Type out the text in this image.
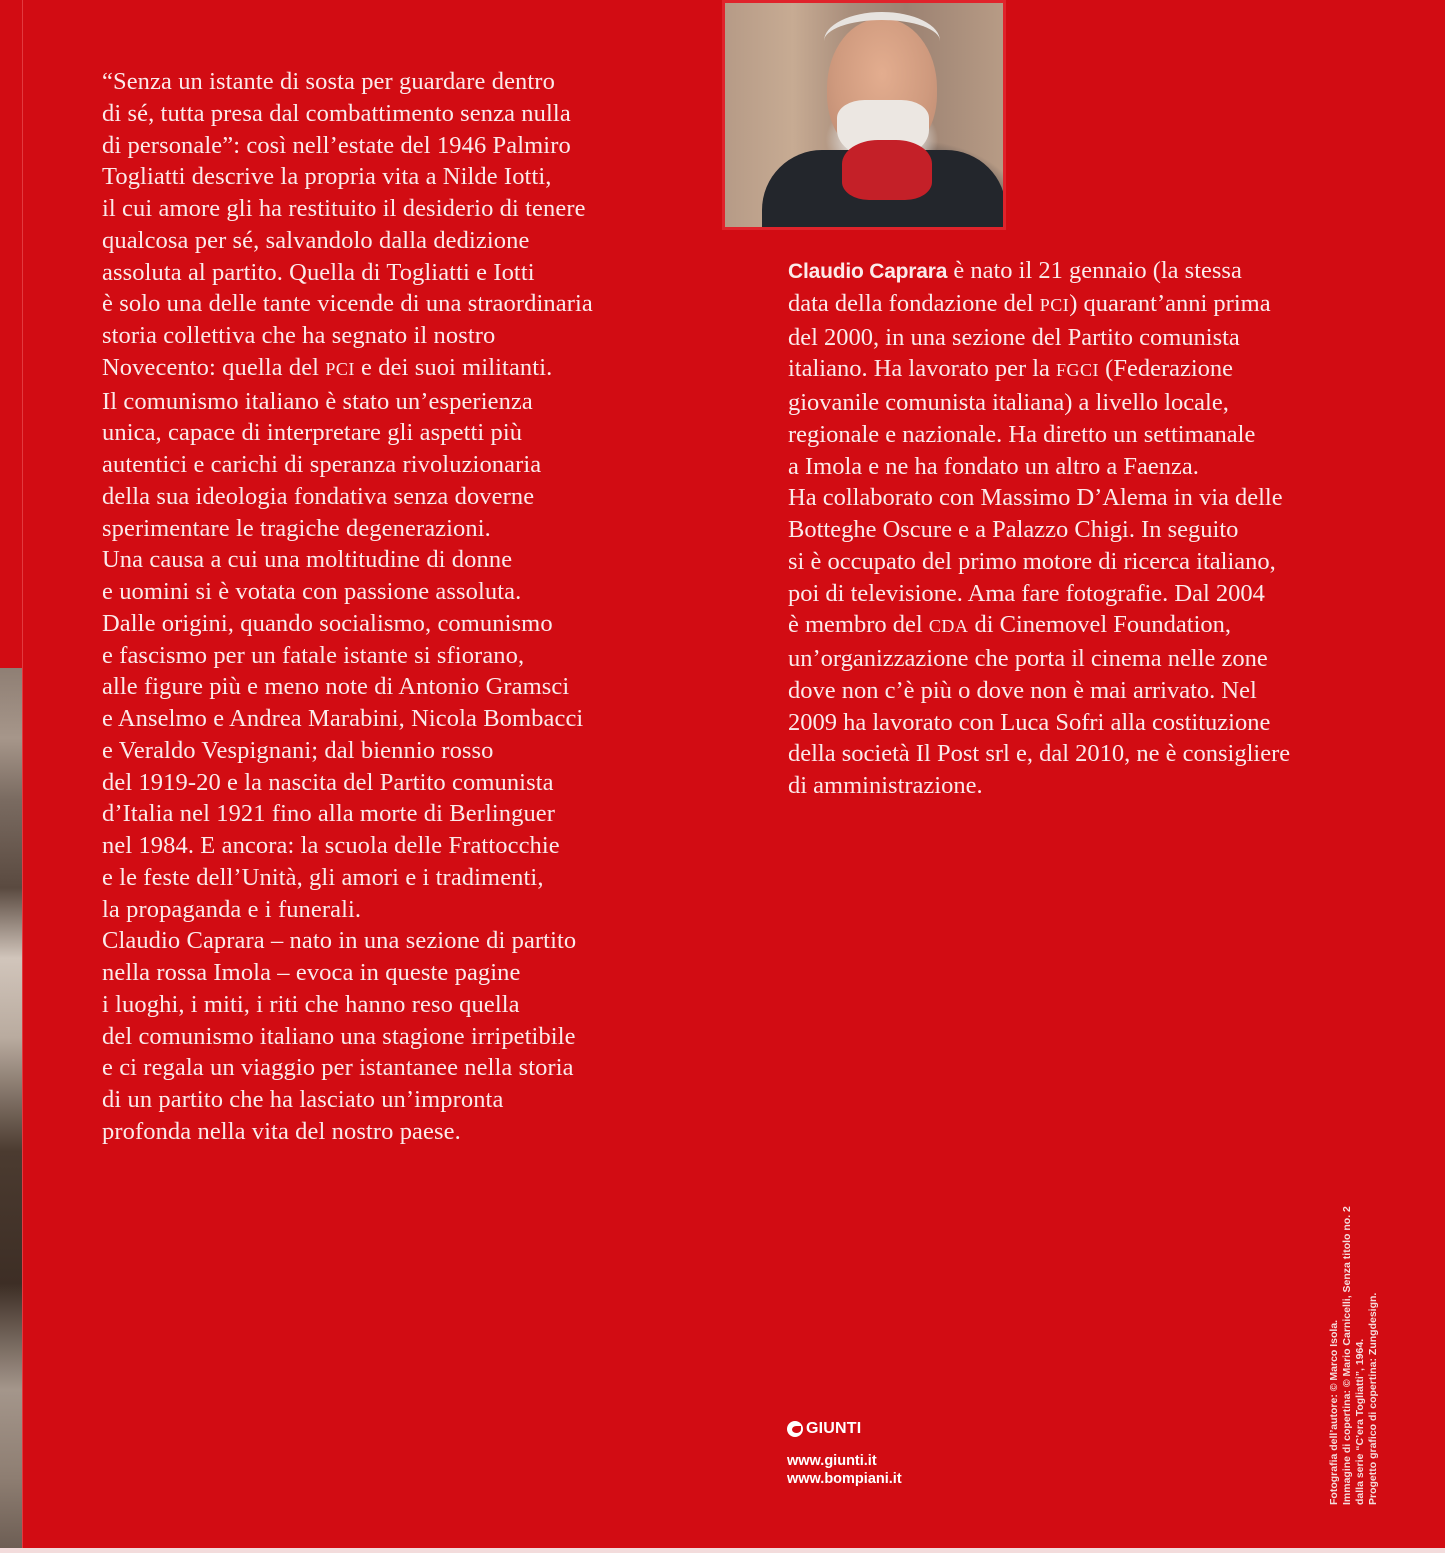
“Senza un istante di sosta per guardare dentro
di sé, tutta presa dal combattimento senza nulla
di personale”: così nell’estate del 1946 Palmiro
Togliatti descrive la propria vita a Nilde Iotti,
il cui amore gli ha restituito il desiderio di tenere
qualcosa per sé, salvandolo dalla dedizione
assoluta al partito. Quella di Togliatti e Iotti
è solo una delle tante vicende di una straordinaria
storia collettiva che ha segnato il nostro
Novecento: quella del PCI e dei suoi militanti.
Il comunismo italiano è stato un’esperienza
unica, capace di interpretare gli aspetti più
autentici e carichi di speranza rivoluzionaria
della sua ideologia fondativa senza doverne
sperimentare le tragiche degenerazioni.
Una causa a cui una moltitudine di donne
e uomini si è votata con passione assoluta.
Dalle origini, quando socialismo, comunismo
e fascismo per un fatale istante si sfiorano,
alle figure più e meno note di Antonio Gramsci
e Anselmo e Andrea Marabini, Nicola Bombacci
e Veraldo Vespignani; dal biennio rosso
del 1919-20 e la nascita del Partito comunista
d’Italia nel 1921 fino alla morte di Berlinguer
nel 1984. E ancora: la scuola delle Frattocchie
e le feste dell’Unità, gli amori e i tradimenti,
la propaganda e i funerali.
Claudio Caprara – nato in una sezione di partito
nella rossa Imola – evoca in queste pagine
i luoghi, i miti, i riti che hanno reso quella
del comunismo italiano una stagione irripetibile
e ci regala un viaggio per istantanee nella storia
di un partito che ha lasciato un’impronta
profonda nella vita del nostro paese.
Claudio Caprara è nato il 21 gennaio (la stessa
data della fondazione del PCI) quarant’anni prima
del 2000, in una sezione del Partito comunista
italiano. Ha lavorato per la FGCI (Federazione
giovanile comunista italiana) a livello locale,
regionale e nazionale. Ha diretto un settimanale
a Imola e ne ha fondato un altro a Faenza.
Ha collaborato con Massimo D’Alema in via delle
Botteghe Oscure e a Palazzo Chigi. In seguito
si è occupato del primo motore di ricerca italiano,
poi di televisione. Ama fare fotografie. Dal 2004
è membro del CDA di Cinemovel Foundation,
un’organizzazione che porta il cinema nelle zone
dove non c’è più o dove non è mai arrivato. Nel
2009 ha lavorato con Luca Sofri alla costituzione
della società Il Post srl e, dal 2010, ne è consigliere
di amministrazione.
GIUNTI
www.giunti.it
www.bompiani.it	Fotografia dell’autore: © Marco Isola. Immagine di copertina: © Mario Carnicelli, Senza titolo no. 2 dalla serie “C’era Togliatti”, 1964. Progetto grafico di copertina: Zungdesign.
